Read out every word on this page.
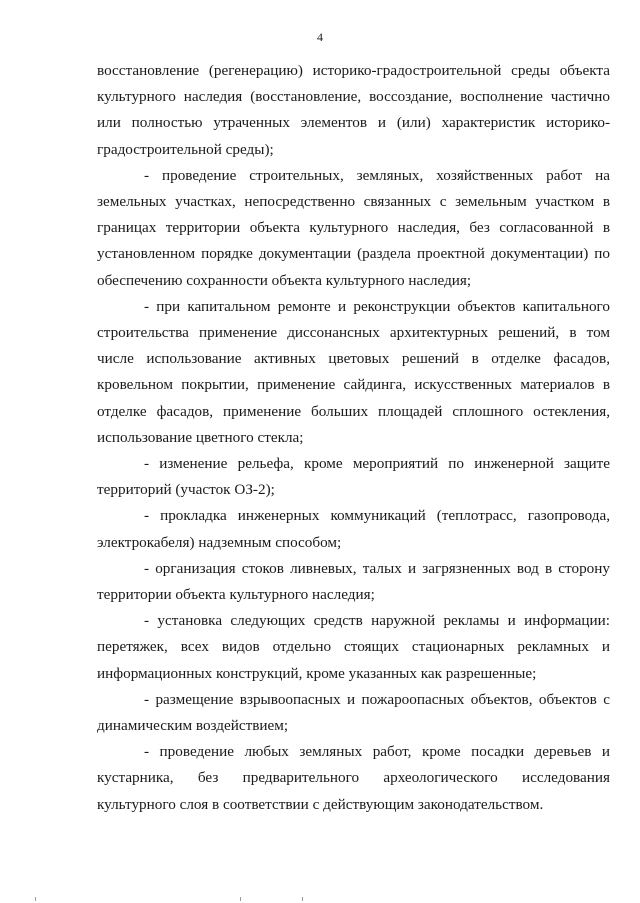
4

восстановление (регенерацию) историко-градостроительной среды объекта культурного наследия (восстановление, воссоздание, восполнение частично или полностью утраченных элементов и (или) характеристик историко-градостроительной среды);

- проведение строительных, земляных, хозяйственных работ на земельных участках, непосредственно связанных с земельным участком в границах территории объекта культурного наследия, без согласованной в установленном порядке документации (раздела проектной документации) по обеспечению сохранности объекта культурного наследия;

- при капитальном ремонте и реконструкции объектов капитального строительства применение диссонансных архитектурных решений, в том числе использование активных цветовых решений в отделке фасадов, кровельном покрытии, применение сайдинга, искусственных материалов в отделке фасадов, применение больших площадей сплошного остекления, использование цветного стекла;

- изменение рельефа, кроме мероприятий по инженерной защите территорий (участок ОЗ-2);

- прокладка инженерных коммуникаций (теплотрасс, газопровода, электрокабеля) надземным способом;

- организация стоков ливневых, талых и загрязненных вод в сторону территории объекта культурного наследия;

- установка следующих средств наружной рекламы и информации: перетяжек, всех видов отдельно стоящих стационарных рекламных и информационных конструкций, кроме указанных как разрешенные;

- размещение взрывоопасных и пожароопасных объектов, объектов с динамическим воздействием;

- проведение любых земляных работ, кроме посадки деревьев и кустарника, без предварительного археологического исследования культурного слоя в соответствии с действующим законодательством.
